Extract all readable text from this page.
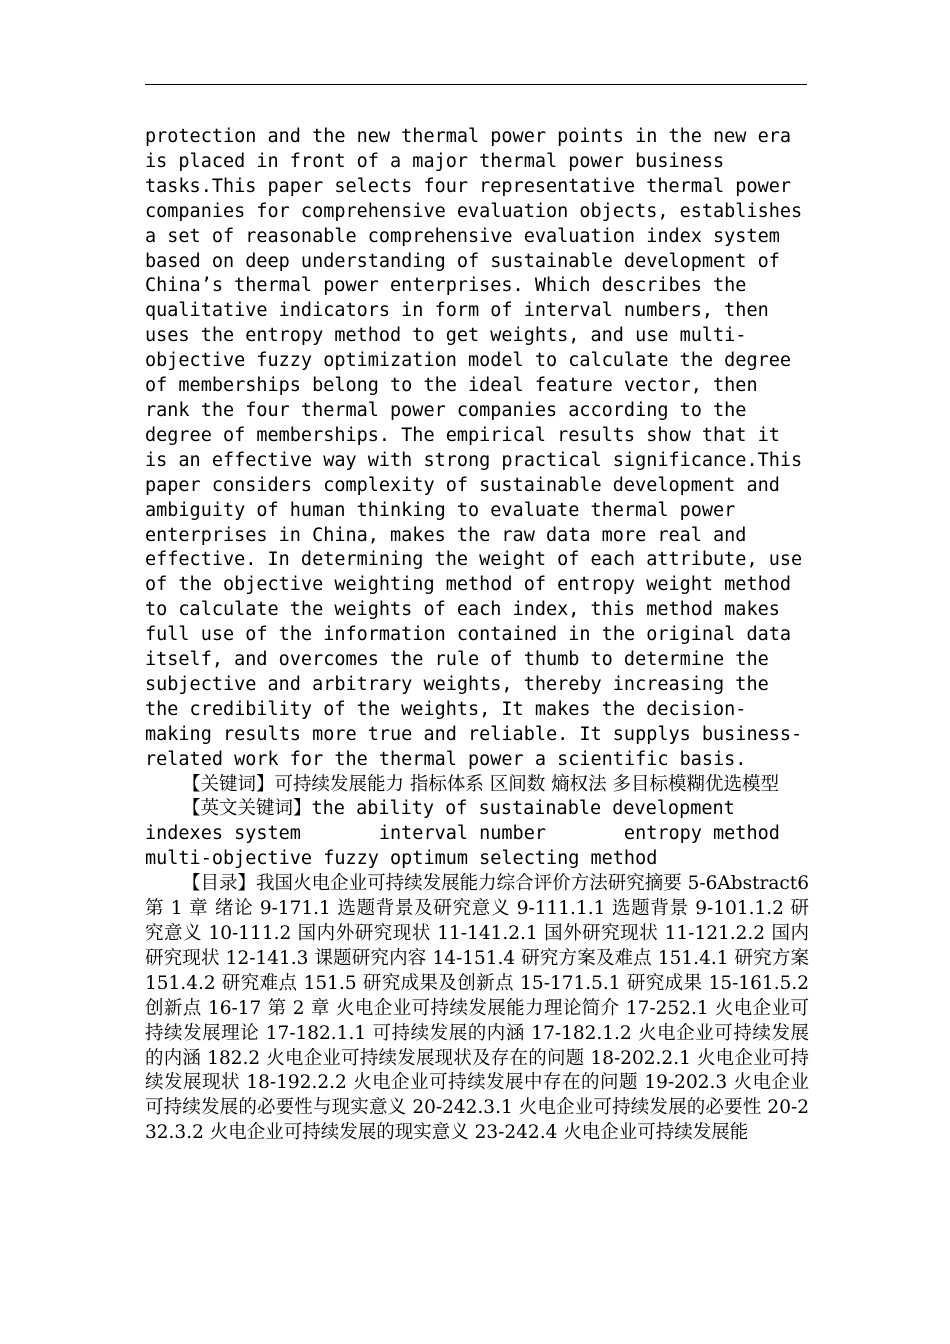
protection and the new thermal power points in the new era
is placed in front of a major thermal power business
tasks.This paper selects four representative thermal power
companies for comprehensive evaluation objects, establishes
a set of reasonable comprehensive evaluation index system
based on deep understanding of sustainable development of
China’s thermal power enterprises. Which describes the
qualitative indicators in form of interval numbers, then
uses the entropy method to get weights, and use multi-
objective fuzzy optimization model to calculate the degree
of memberships belong to the ideal feature vector, then
rank the four thermal power companies according to the
degree of memberships. The empirical results show that it
is an effective way with strong practical significance.This
paper considers complexity of sustainable development and
ambiguity of human thinking to evaluate thermal power
enterprises in China, makes the raw data more real and
effective. In determining the weight of each attribute, use
of the objective weighting method of entropy weight method
to calculate the weights of each index, this method makes
full use of the information contained in the original data
itself, and overcomes the rule of thumb to determine the
subjective and arbitrary weights, thereby increasing the
the credibility of the weights, It makes the decision-
making results more true and reliable. It supplys business-
related work for the thermal power a scientific basis.

【关键词】可持续发展能力 指标体系 区间数 熵权法 多目标模糊优选模型

【英文关键词】the ability of sustainable development
indexes system       interval number       entropy method
multi-objective fuzzy optimum selecting method

【目录】我国火电企业可持续发展能力综合评价方法研究摘要 5-6Abstract6 第 1 章 绪论 9-171.1 选题背景及研究意义 9-111.1.1 选题背景 9-101.1.2 研究意义 10-111.2 国内外研究现状 11-141.2.1 国外研究现状 11-121.2.2 国内研究现状 12-141.3 课题研究内容 14-151.4 研究方案及难点 151.4.1 研究方案 151.4.2 研究难点 151.5 研究成果及创新点 15-171.5.1 研究成果 15-161.5.2 创新点 16-17 第 2 章 火电企业可持续发展能力理论简介 17-252.1 火电企业可持续发展理论 17-182.1.1 可持续发展的内涵 17-182.1.2 火电企业可持续发展的内涵 182.2 火电企业可持续发展现状及存在的问题 18-202.2.1 火电企业可持续发展现状 18-192.2.2 火电企业可持续发展中存在的问题 19-202.3 火电企业可持续发展的必要性与现实意义 20-242.3.1 火电企业可持续发展的必要性 20-232.3.2 火电企业可持续发展的现实意义 23-242.4 火电企业可持续发展能
